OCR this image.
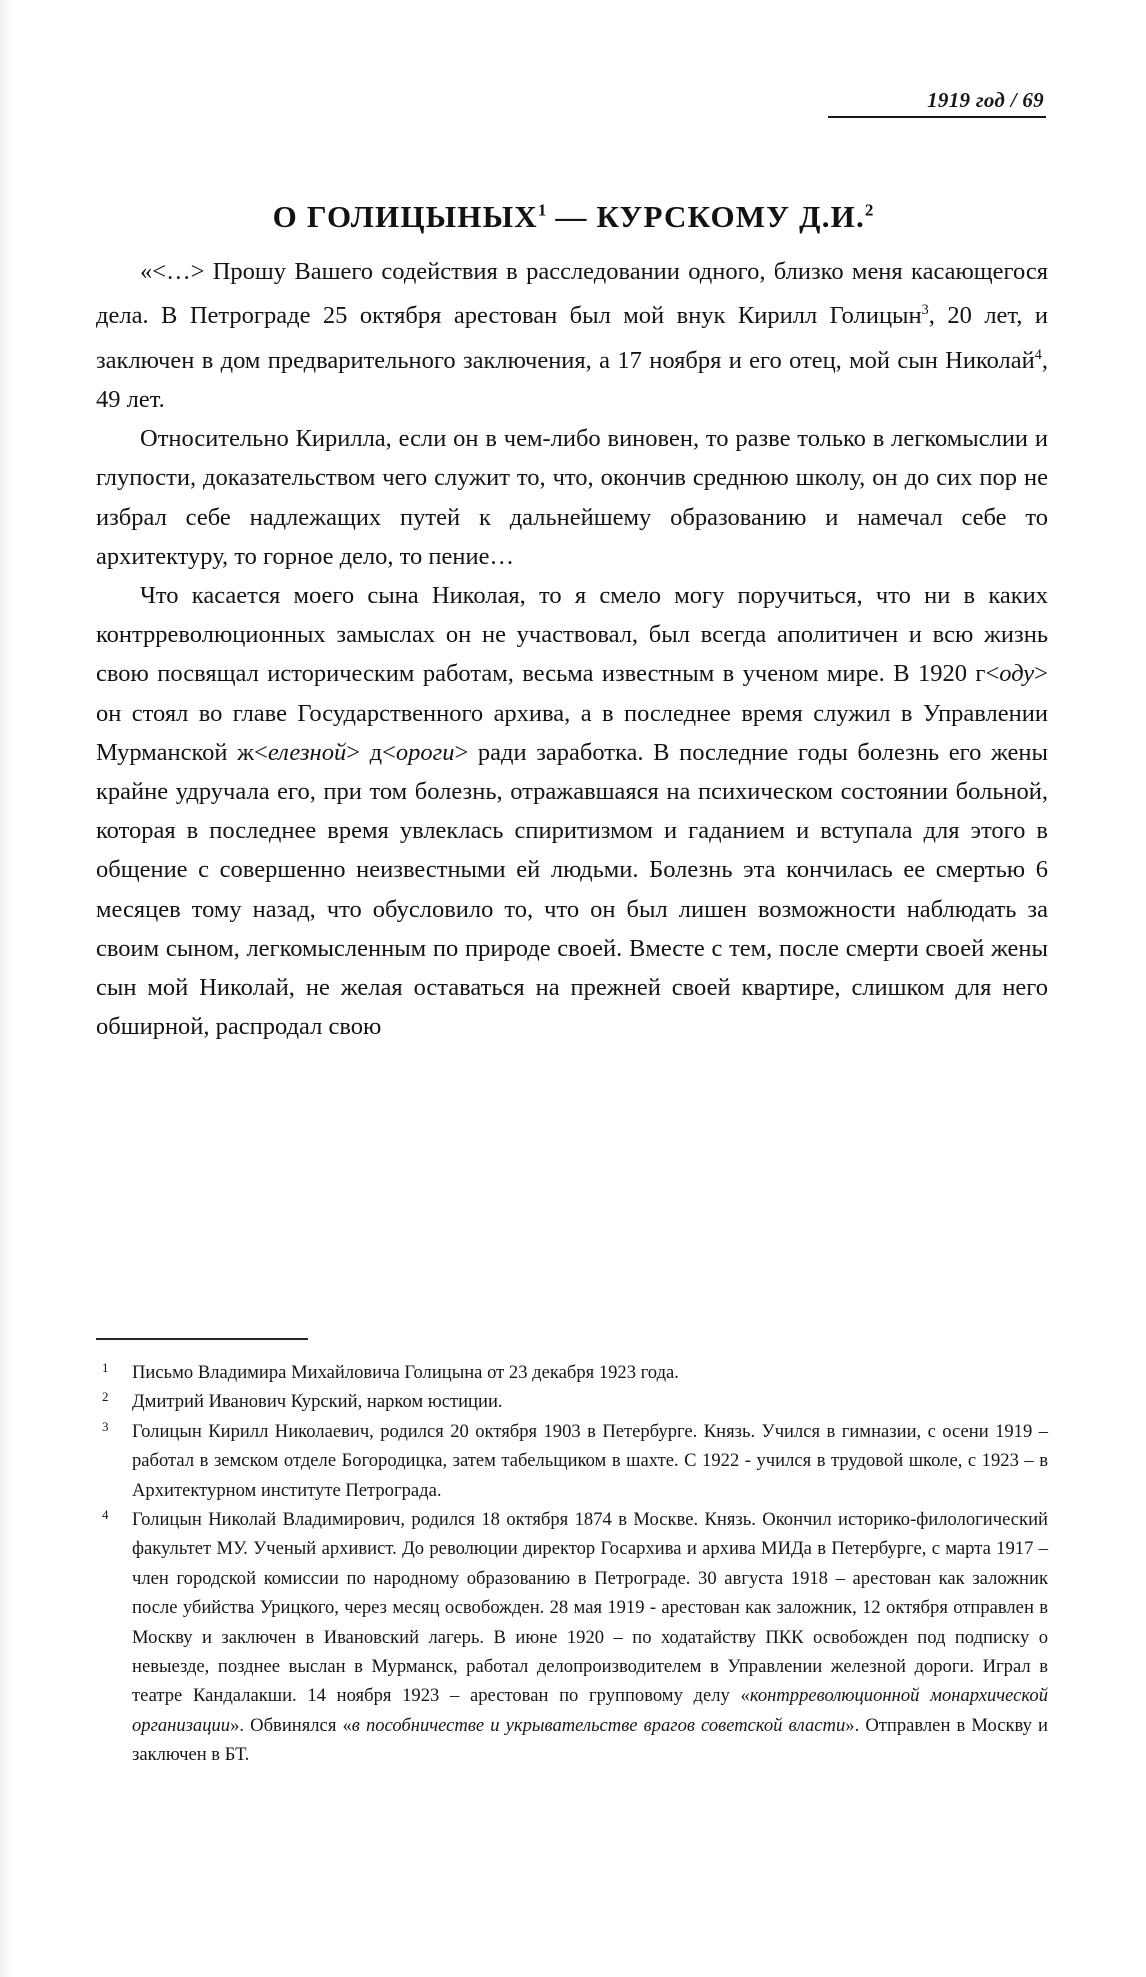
1919 год / 69
О ГОЛИЦЫНЫХ$^1$ — КУРСКОМУ Д.И.$^2$

«<…> Прошу Вашего содействия в расследовании одного, близко меня касающегося дела. В Петрограде 25 октября арестован был мой внук Кирилл Голицын$^3$, 20 лет, и заключен в дом предварительного заключения, а 17 ноября и его отец, мой сын Николай$^4$, 49 лет.

Относительно Кирилла, если он в чем-либо виновен, то разве только в легкомыслии и глупости, доказательством чего служит то, что, окончив среднюю школу, он до сих пор не избрал себе надлежащих путей к дальнейшему образованию и намечал себе то архитектуру, то горное дело, то пение…

Что касается моего сына Николая, то я смело могу поручиться, что ни в каких контрреволюционных замыслах он не участвовал, был всегда аполитичен и всю жизнь свою посвящал историческим работам, весьма известным в ученом мире. В 1920 г<оду> он стоял во главе Государственного архива, а в последнее время служил в Управлении Мурманской ж<елезной> д<ороги> ради заработка. В последние годы болезнь его жены крайне удручала его, при том болезнь, отражавшаяся на психическом состоянии больной, которая в последнее время увлеклась спиритизмом и гаданием и вступала для этого в общение с совершенно неизвестными ей людьми. Болезнь эта кончилась ее смертью 6 месяцев тому назад, что обусловило то, что он был лишен возможности наблюдать за своим сыном, легкомысленным по природе своей. Вместе с тем, после смерти своей жены сын мой Николай, не желая оставаться на прежней своей квартире, слишком для него обширной, распродал свою

1 Письмо Владимира Михайловича Голицына от 23 декабря 1923 года.
2 Дмитрий Иванович Курский, нарком юстиции.
3 Голицын Кирилл Николаевич, родился 20 октября 1903 в Петербурге. Князь. Учился в гимназии, с осени 1919 – работал в земском отделе Богородицка, затем табельщиком в шахте. С 1922 - учился в трудовой школе, с 1923 – в Архитектурном институте Петрограда.
4 Голицын Николай Владимирович, родился 18 октября 1874 в Москве. Князь. Окончил историко-филологический факультет МУ. Ученый архивист. До революции директор Госархива и архива МИДа в Петербурге, с марта 1917 – член городской комиссии по народному образованию в Петрограде. 30 августа 1918 – арестован как заложник после убийства Урицкого, через месяц освобожден. 28 мая 1919 - арестован как заложник, 12 октября отправлен в Москву и заключен в Ивановский лагерь. В июне 1920 – по ходатайству ПКК освобожден под подписку о невыезде, позднее выслан в Мурманск, работал делопроизводителем в Управлении железной дороги. Играл в театре Кандалакши. 14 ноября 1923 – арестован по групповому делу «контрреволюционной монархической организации». Обвинялся «в пособничестве и укрывательстве врагов советской власти». Отправлен в Москву и заключен в БТ.
